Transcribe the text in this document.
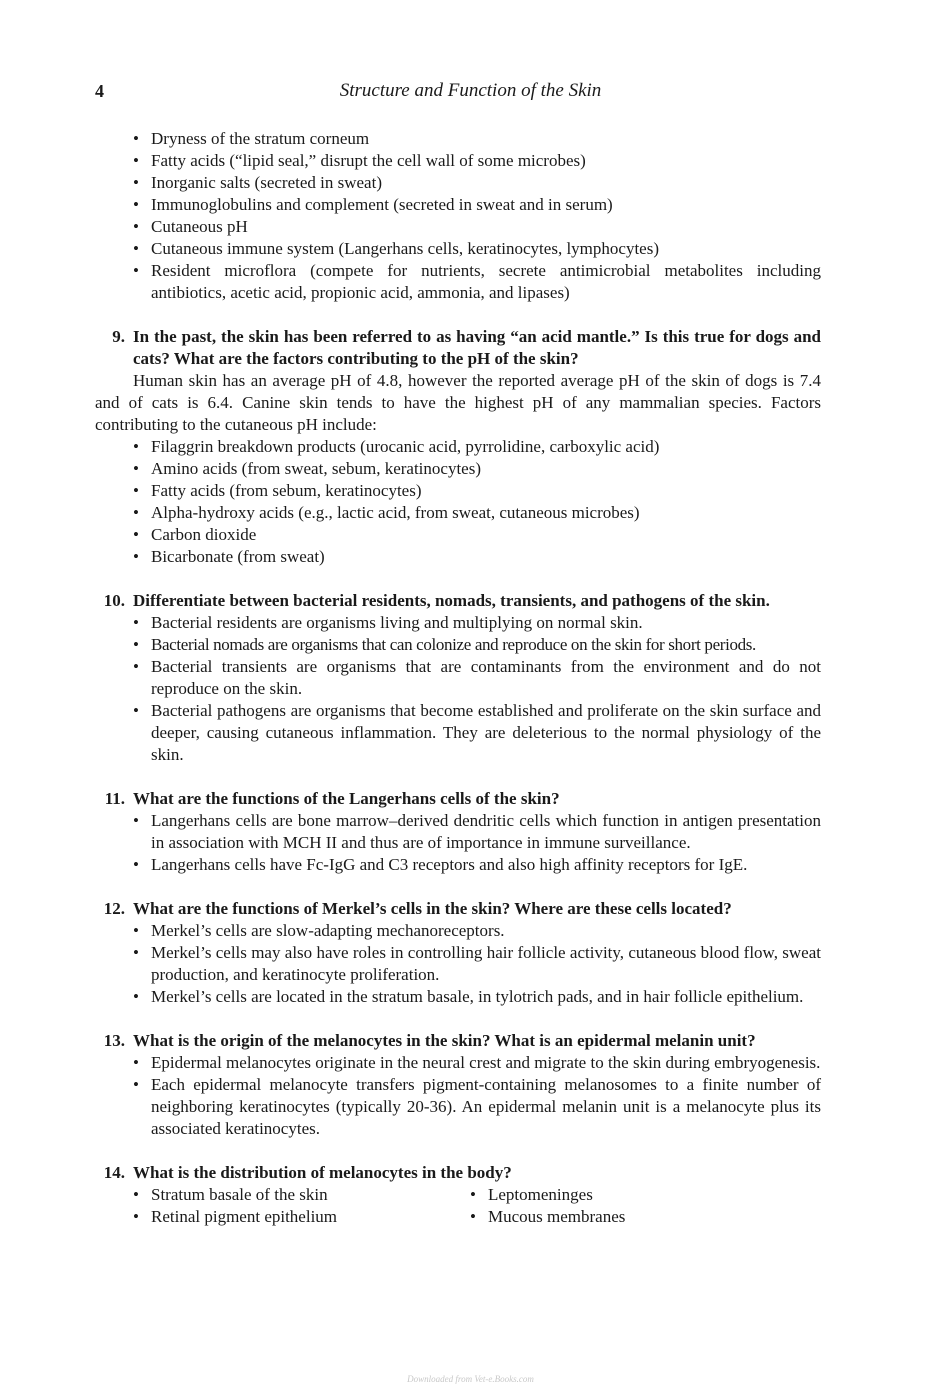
4	Structure and Function of the Skin
• Dryness of the stratum corneum
• Fatty acids (“lipid seal,” disrupt the cell wall of some microbes)
• Inorganic salts (secreted in sweat)
• Immunoglobulins and complement (secreted in sweat and in serum)
• Cutaneous pH
• Cutaneous immune system (Langerhans cells, keratinocytes, lymphocytes)
• Resident microflora (compete for nutrients, secrete antimicrobial metabolites including antibiotics, acetic acid, propionic acid, ammonia, and lipases)
9. In the past, the skin has been referred to as having “an acid mantle.” Is this true for dogs and cats? What are the factors contributing to the pH of the skin?

Human skin has an average pH of 4.8, however the reported average pH of the skin of dogs is 7.4 and of cats is 6.4. Canine skin tends to have the highest pH of any mammalian species. Factors contributing to the cutaneous pH include:

• Filaggrin breakdown products (urocanic acid, pyrrolidine, carboxylic acid)
• Amino acids (from sweat, sebum, keratinocytes)
• Fatty acids (from sebum, keratinocytes)
• Alpha-hydroxy acids (e.g., lactic acid, from sweat, cutaneous microbes)
• Carbon dioxide
• Bicarbonate (from sweat)
10. Differentiate between bacterial residents, nomads, transients, and pathogens of the skin.
• Bacterial residents are organisms living and multiplying on normal skin.
• Bacterial nomads are organisms that can colonize and reproduce on the skin for short periods.
• Bacterial transients are organisms that are contaminants from the environment and do not reproduce on the skin.
• Bacterial pathogens are organisms that become established and proliferate on the skin surface and deeper, causing cutaneous inflammation. They are deleterious to the normal physiology of the skin.
11. What are the functions of the Langerhans cells of the skin?
• Langerhans cells are bone marrow–derived dendritic cells which function in antigen presentation in association with MCH II and thus are of importance in immune surveillance.
• Langerhans cells have Fc-IgG and C3 receptors and also high affinity receptors for IgE.
12. What are the functions of Merkel’s cells in the skin? Where are these cells located?
• Merkel’s cells are slow-adapting mechanoreceptors.
• Merkel’s cells may also have roles in controlling hair follicle activity, cutaneous blood flow, sweat production, and keratinocyte proliferation.
• Merkel’s cells are located in the stratum basale, in tylotrich pads, and in hair follicle epithelium.
13. What is the origin of the melanocytes in the skin? What is an epidermal melanin unit?
• Epidermal melanocytes originate in the neural crest and migrate to the skin during embryogenesis.
• Each epidermal melanocyte transfers pigment-containing melanosomes to a finite number of neighboring keratinocytes (typically 20-36). An epidermal melanin unit is a melanocyte plus its associated keratinocytes.
14. What is the distribution of melanocytes in the body?
• Stratum basale of the skin
• Retinal pigment epithelium
• Leptomeninges
• Mucous membranes
Downloaded from Vet-e.Books.com
